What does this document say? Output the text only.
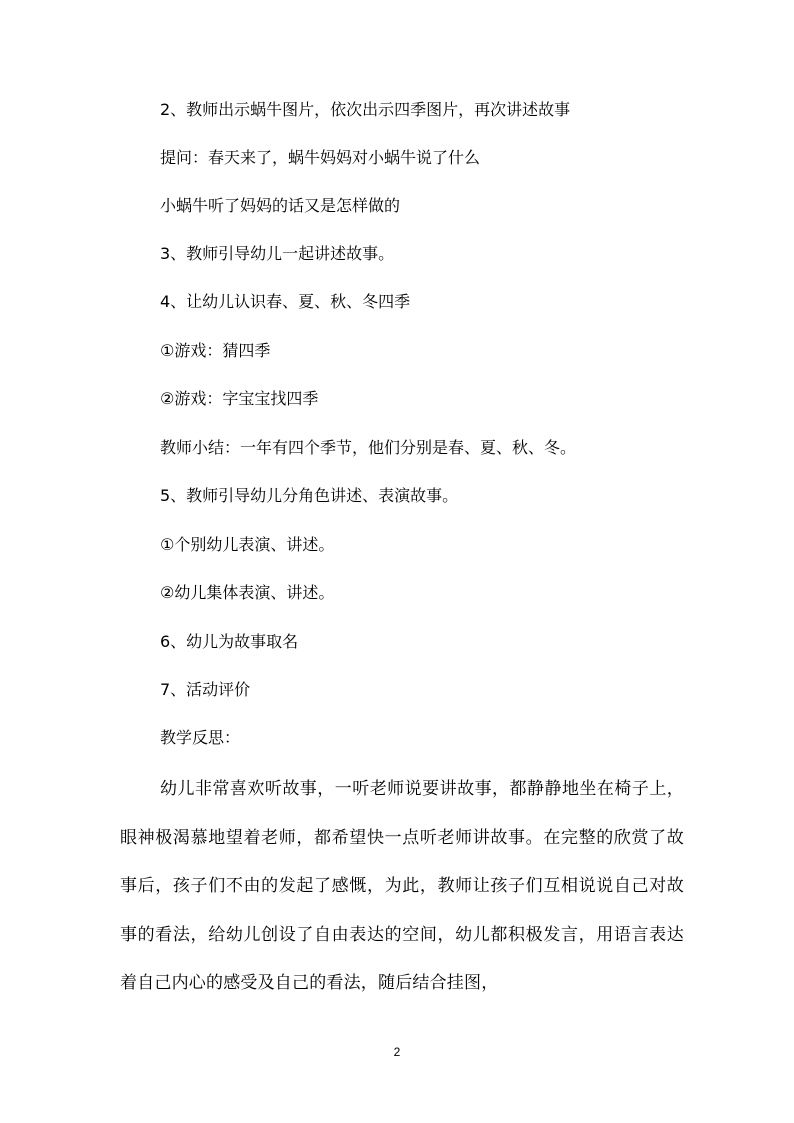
2、教师出示蜗牛图片，依次出示四季图片，再次讲述故事
提问：春天来了，蜗牛妈妈对小蜗牛说了什么
小蜗牛听了妈妈的话又是怎样做的
3、教师引导幼儿一起讲述故事。
4、让幼儿认识春、夏、秋、冬四季
①游戏：猜四季
②游戏：字宝宝找四季
教师小结：一年有四个季节，他们分别是春、夏、秋、冬。
5、教师引导幼儿分角色讲述、表演故事。
①个别幼儿表演、讲述。
②幼儿集体表演、讲述。
6、幼儿为故事取名
7、活动评价
教学反思：
幼儿非常喜欢听故事，一听老师说要讲故事，都静静地坐在椅子上，眼神极渴慕地望着老师，都希望快一点听老师讲故事。在完整的欣赏了故事后，孩子们不由的发起了感慨，为此，教师让孩子们互相说说自己对故事的看法，给幼儿创设了自由表达的空间，幼儿都积极发言，用语言表达着自己内心的感受及自己的看法，随后结合挂图，
2
